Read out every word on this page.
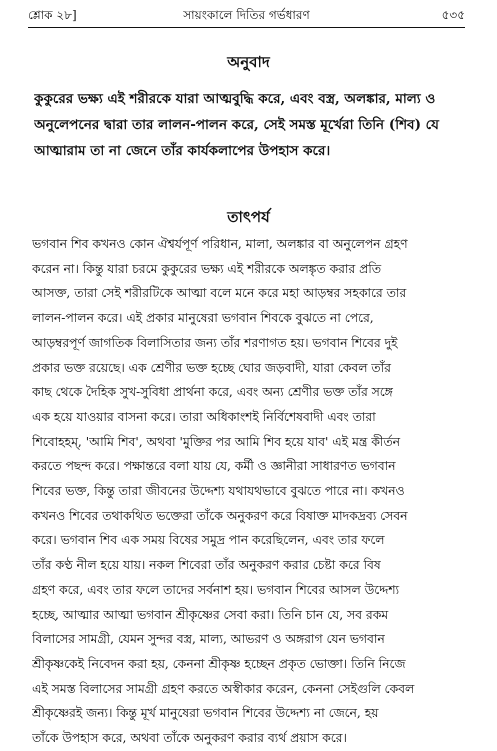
শ্লোক ২৮]	সায়ংকালে দিতির গর্ভধারণ	৫৩৫
অনুবাদ
কুকুরের ভক্ষ্য এই শরীরকে যারা আত্মবুদ্ধি করে, এবং বস্ত্র, অলঙ্কার, মাল্য ও
অনুলেপনের দ্বারা তার লালন-পালন করে, সেই সমস্ত মূর্খেরা তিনি (শিব) যে
আত্মারাম তা না জেনে তাঁর কার্যকলাপের উপহাস করে।
তাৎপর্য
ভগবান শিব কখনও কোন ঐশ্বর্যপূর্ণ পরিধান, মালা, অলঙ্কার বা অনুলেপন গ্রহণ
করেন না। কিন্তু যারা চরমে কুকুরের ভক্ষ্য এই শরীরকে অলঙ্কৃত করার প্রতি
আসক্ত, তারা সেই শরীরটিকে আত্মা বলে মনে করে মহা আড়ম্বর সহকারে তার
লালন-পালন করে। এই প্রকার মানুষেরা ভগবান শিবকে বুঝতে না পেরে,
আড়ম্বরপূর্ণ জাগতিক বিলাসিতার জন্য তাঁর শরণাগত হয়। ভগবান শিবের দুই
প্রকার ভক্ত রয়েছে। এক শ্রেণীর ভক্ত হচ্ছে ঘোর জড়বাদী, যারা কেবল তাঁর
কাছ থেকে দৈহিক সুখ-সুবিধা প্রার্থনা করে, এবং অন্য শ্রেণীর ভক্ত তাঁর সঙ্গে
এক হয়ে যাওয়ার বাসনা করে। তারা অধিকাংশই নির্বিশেষবাদী এবং তারা
শিবোহহম্, 'আমি শিব', অথবা 'মুক্তির পর আমি শিব হয়ে যাব' এই মন্ত্র কীর্তন
করতে পছন্দ করে। পক্ষান্তরে বলা যায় যে, কর্মী ও জ্ঞানীরা সাধারণত ভগবান
শিবের ভক্ত, কিন্তু তারা জীবনের উদ্দেশ্য যথাযথভাবে বুঝতে পারে না। কখনও
কখনও শিবের তথাকথিত ভক্তেরা তাঁকে অনুকরণ করে বিষাক্ত মাদকদ্রব্য সেবন
করে। ভগবান শিব এক সময় বিষের সমুদ্র পান করেছিলেন, এবং তার ফলে
তাঁর কণ্ঠ নীল হয়ে যায়। নকল শিবেরা তাঁর অনুকরণ করার চেষ্টা করে বিষ
গ্রহণ করে, এবং তার ফলে তাদের সর্বনাশ হয়। ভগবান শিবের আসল উদ্দেশ্য
হচ্ছে, আত্মার আত্মা ভগবান শ্রীকৃষ্ণের সেবা করা। তিনি চান যে, সব রকম
বিলাসের সামগ্রী, যেমন সুন্দর বস্ত্র, মাল্য, আভরণ ও অঙ্গরাগ যেন ভগবান
শ্রীকৃষ্ণকেই নিবেদন করা হয়, কেননা শ্রীকৃষ্ণ হচ্ছেন প্রকৃত ভোক্তা। তিনি নিজে
এই সমস্ত বিলাসের সামগ্রী গ্রহণ করতে অস্বীকার করেন, কেননা সেইগুলি কেবল
শ্রীকৃষ্ণেরই জন্য। কিন্তু মূর্খ মানুষেরা ভগবান শিবের উদ্দেশ্য না জেনে, হয়
তাঁকে উপহাস করে, অথবা তাঁকে অনুকরণ করার ব্যর্থ প্রয়াস করে।
